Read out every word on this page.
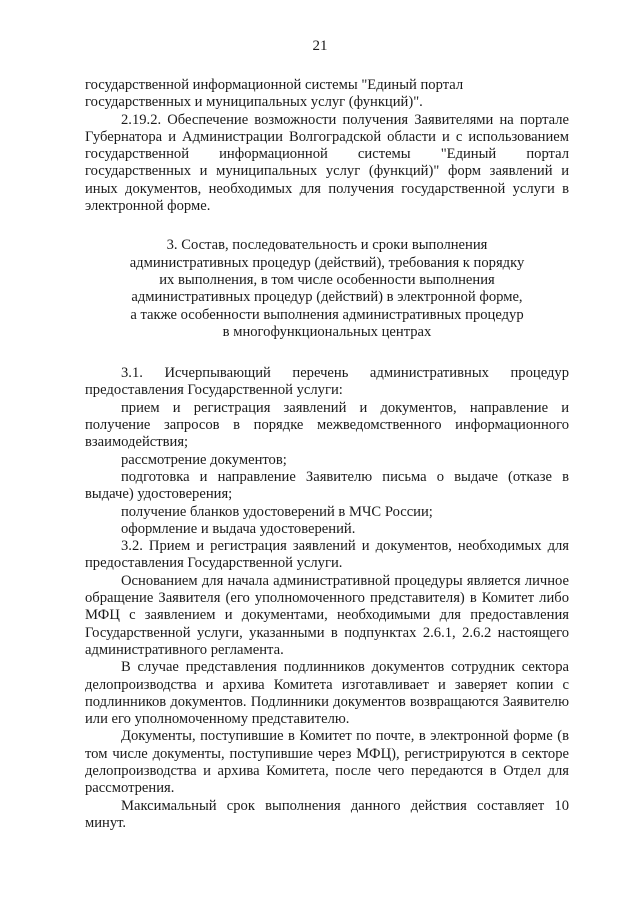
21

государственной информационной системы "Единый портал

государственных и муниципальных услуг (функций)".

2.19.2. Обеспечение возможности получения Заявителями на портале Губернатора и Администрации Волгоградской области и с использованием государственной информационной системы "Единый портал государственных и муниципальных услуг (функций)" форм заявлений и иных документов, необходимых для получения государственной услуги в электронной форме.

3. Состав, последовательность и сроки выполнения
административных процедур (действий), требования к порядку
их выполнения, в том числе особенности выполнения
административных процедур (действий) в электронной форме,
а также особенности выполнения административных процедур
в многофункциональных центрах

3.1. Исчерпывающий перечень административных процедур предоставления Государственной услуги:

прием и регистрация заявлений и документов, направление и получение запросов в порядке межведомственного информационного взаимодействия;

рассмотрение документов;

подготовка и направление Заявителю письма о выдаче (отказе в выдаче) удостоверения;

получение бланков удостоверений в МЧС России;

оформление и выдача удостоверений.

3.2. Прием и регистрация заявлений и документов, необходимых для предоставления Государственной услуги.

Основанием для начала административной процедуры является личное обращение Заявителя (его уполномоченного представителя) в Комитет либо МФЦ с заявлением и документами, необходимыми для предоставления Государственной услуги, указанными в подпунктах 2.6.1, 2.6.2 настоящего административного регламента.

В случае представления подлинников документов сотрудник сектора делопроизводства и архива Комитета изготавливает и заверяет копии с подлинников документов. Подлинники документов возвращаются Заявителю или его уполномоченному представителю.

Документы, поступившие в Комитет по почте, в электронной форме (в том числе документы, поступившие через МФЦ), регистрируются в секторе делопроизводства и архива Комитета, после чего передаются в Отдел для рассмотрения.

Максимальный срок выполнения данного действия составляет 10 минут.
